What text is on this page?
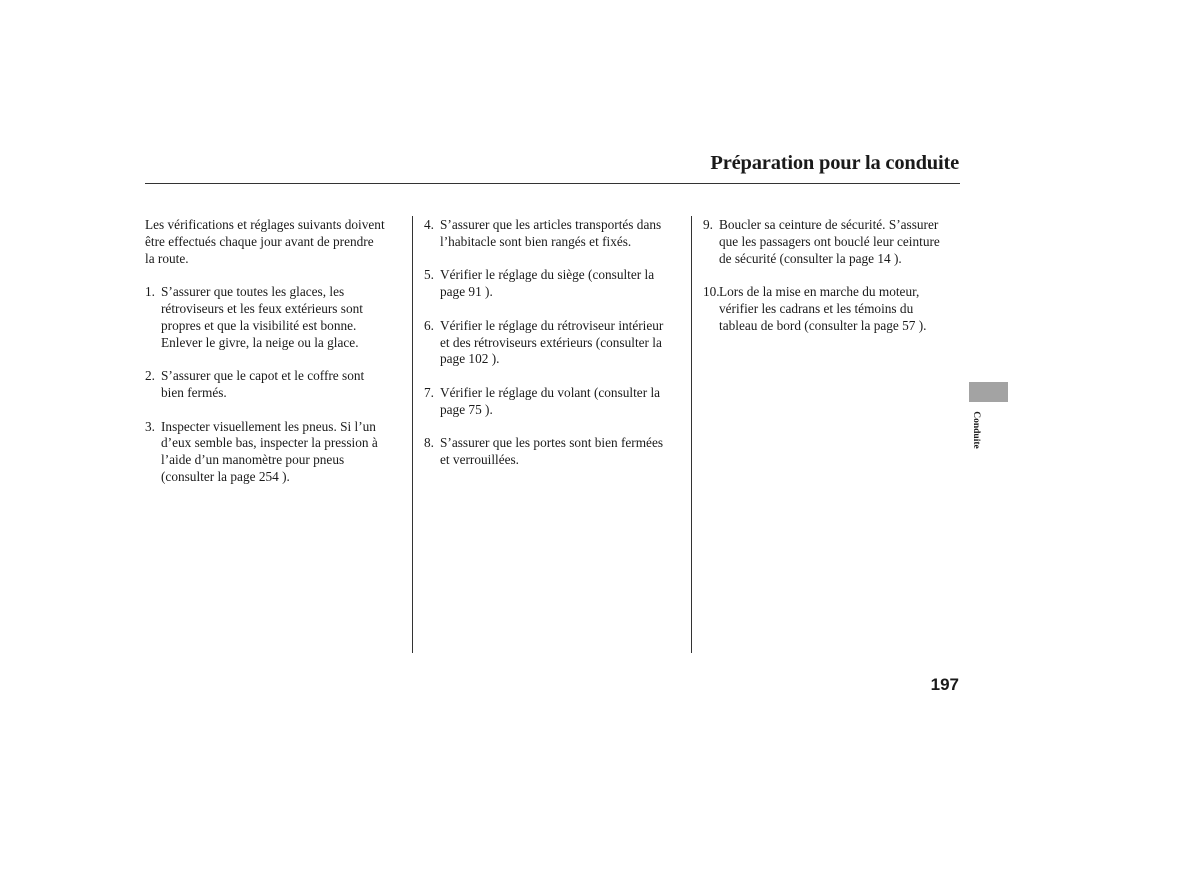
Préparation pour la conduite

Les vérifications et réglages suivants doivent
être effectués chaque jour avant de prendre
la route.

1. S’assurer que toutes les glaces, les
rétroviseurs et les feux extérieurs sont
propres et que la visibilité est bonne.
Enlever le givre, la neige ou la glace.
2. S’assurer que le capot et le coffre sont
bien fermés.
3. Inspecter visuellement les pneus. Si l’un
d’eux semble bas, inspecter la pression à
l’aide d’un manomètre pour pneus
(consulter la page 254 ).
4. S’assurer que les articles transportés dans
l’habitacle sont bien rangés et fixés.
5. Vérifier le réglage du siège (consulter la
page 91 ).
6. Vérifier le réglage du rétroviseur intérieur
et des rétroviseurs extérieurs (consulter la
page 102 ).
7. Vérifier le réglage du volant (consulter la
page 75 ).
8. S’assurer que les portes sont bien fermées
et verrouillées.
9. Boucler sa ceinture de sécurité. S’assurer
que les passagers ont bouclé leur ceinture
de sécurité (consulter la page 14 ).
10. Lors de la mise en marche du moteur,
vérifier les cadrans et les témoins du
tableau de bord (consulter la page 57 ).
Conduite
197
